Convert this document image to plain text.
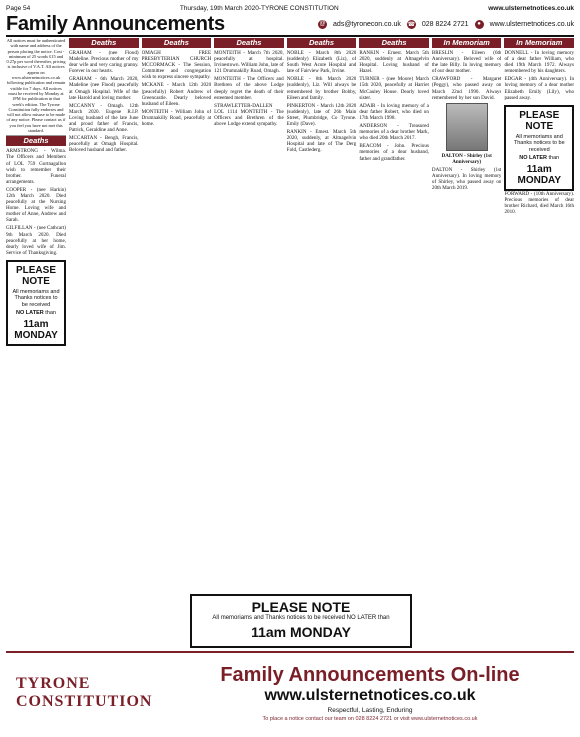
Page 54	Thursday, 19th March 2020-TYRONE CONSTITUTION	www.ulsternetnotices.co.uk
Family Announcements	@ ads@tyronecon.co.uk ☎ 028 8224 2721	●	www.ulsternetnotices.co.uk
All notices must be authenticated with name and address of the person placing the notice. Cost - minimum of 25 words £15 and 0.27p per word thereafter, pricing is inclusive of V.A.T. All notices appear on www.ulsternetnotices.co.uk following publication and remain visible for 7 days. All notices must be received by Monday at 1PM for publication in that week's edition. The Tyrone Constitution fully endorses and will not allow misuse to be made of any notice. Please contact us if you feel you have not met this standard.
Deaths

ARMSTRONG - Wilma. The Officers and Members of LOL 759 Gortnagallon wish to remember their brother. Funeral arrangements.

COOPER - (nee Harkin) 12th March 2020. Died peacefully at the Nursing Home. Loving wife and mother of Anne, Andrew and Sarah.

GILFILLAN - (nee Cathcart) 9th March 2020. Died peacefully at her home, dearly loved wife of Jim. Service of Thanksgiving.

PLEASE NOTE
All memoriams and Thanks notices to be received
NO LATER than
11am MONDAY
Deaths

GRAHAM - (nee Flood) Madeline. Precious mother of my dear wife and very caring granny. Forever in our hearts.

GRAHAM - 6th March 2020, Madeline (nee Flood) peacefully at Omagh Hospital. Wife of the late Harold and loving mother.

MCCANNY - Omagh. 12th March 2020. Eugene R.I.P. Loving husband of the late June and proud father of Francis, Patrick, Geraldine and Anne.

MCCARTAN - Bengh, Francis, peacefully at Omagh Hospital. Beloved husband and father.

Deaths

OMAGH FREE PRESBYTERIAN CHURCH MCCORMACK - The Session, Committee and congregation wish to express sincere sympathy.

MCKANE - March 12th 2020 (peacefully) Robert Andrew of Greencastle. Dearly beloved husband of Eileen.

MONTEITH - William John of Drumnakilly Road, peacefully at home.

Deaths

MONTEITH - March 7th 2020, peacefully at hospital. Irvinestown. William John, late of 121 Drumnakilly Road, Omagh.

MONTEITH - The Officers and Brethren of the above Lodge deeply regret the death of their esteemed member.

STRAWLETTER-DALLEN LOL 1114 MONTEITH - The Officers and Brethren of the above Lodge extend sympathy.

Deaths

NOBLE - March 8th 2020 (suddenly) Elizabeth (Liz), of South West Acute Hospital and late of Fairview Park, Irvine.

NOBLE - 8th March 2020 (suddenly), Liz. Will always be remembered by brother Bobby, Eileen and family.

PINKERTON - March 12th 2020 (suddenly), late of 26b Main Street, Plumbridge, Co Tyrone. Emily (Dave).

RANKIN - Emest. March 5th 2020, suddenly, at Altnagelvin Hospital and late of The Derg Fold, Castlederg.

Deaths

RANKIN - Ernest. March 5th 2020, suddenly at Altnagelvin Hospital. Loving husband of Hazel.

TURNER - (nee Moore) March 15th 2020, peacefully at Harriet McCauley House. Dearly loved sister.

ADAIR - In loving memory of a dear father Robert, who died on 17th March 1998.

ANDERSON - Treasured memories of a dear brother Mark, who died 20th March 2017.

BEACOM - John. Precious memories of a dear husband, father and grandfather.

In Memoriam

BRESLIN - Eileen (6th Anniversary). Beloved wife of the late Billy. In loving memory of our dear mother.

CRAWFORD - Margaret (Peggy), who passed away on March 22nd 1990. Always remembered by her son David.

DALTON - Shirley (1st Anniversary)

DALTON - Shirley (1st Anniversary). In loving memory of Shirley, who passed away on 20th March 2019.

In Memoriam

DONNELL - In loving memory of a dear father William, who died 19th March 1972. Always remembered by his daughters.

EDGAR - (4th Anniversary). In loving memory of a dear mother Elizabeth Emily (Lily), who passed away.

PLEASE NOTE
All memoriams and Thanks notices to be received
NO LATER than
11am MONDAY

FORWARD - (10th Anniversary). Precious memories of dear brother Richard, died March 16th 2010.

PLEASE NOTE
All memoriams and Thanks notices to be received NO LATER than
11am MONDAY
TYRONE
CONSTITUTION
Family Announcements On-line
www.ulsternetnotices.co.uk
Respectful, Lasting, Enduring
To place a notice contact our team on 028 8224 2721 or visit www.ulsternetnotices.co.uk
